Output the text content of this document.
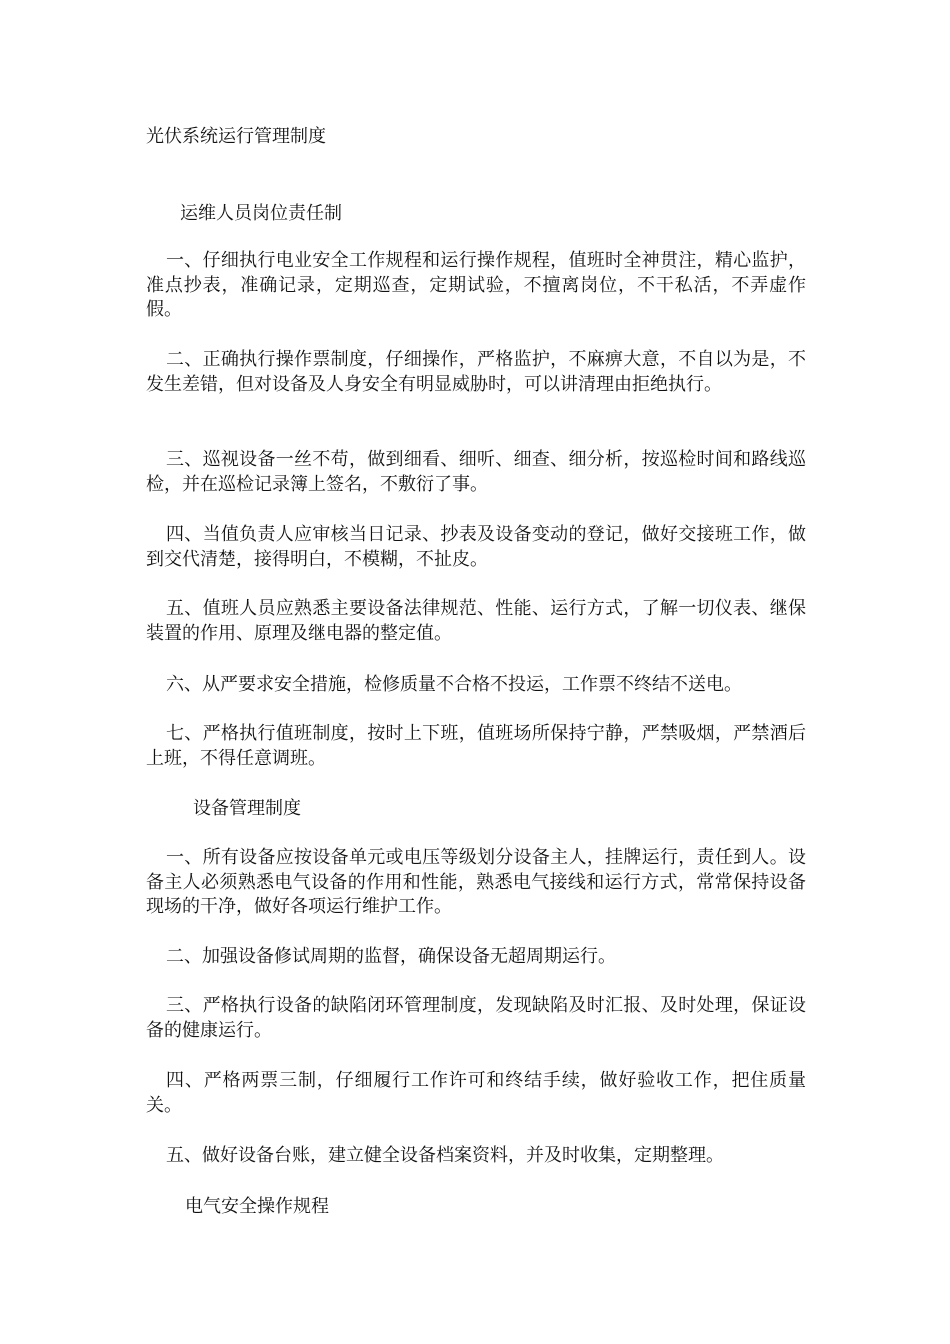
光伏系统运行管理制度
运维人员岗位责任制

一、仔细执行电业安全工作规程和运行操作规程，值班时全神贯注，精心监护，准点抄表，准确记录，定期巡查，定期试验，不擅离岗位，不干私活，不弄虚作假。

二、正确执行操作票制度，仔细操作，严格监护，不麻痹大意，不自以为是，不发生差错，但对设备及人身安全有明显威胁时，可以讲清理由拒绝执行。

三、巡视设备一丝不苟，做到细看、细听、细查、细分析，按巡检时间和路线巡检，并在巡检记录簿上签名，不敷衍了事。

四、当值负责人应审核当日记录、抄表及设备变动的登记，做好交接班工作，做到交代清楚，接得明白，不模糊，不扯皮。

五、值班人员应熟悉主要设备法律规范、性能、运行方式，了解一切仪表、继保装置的作用、原理及继电器的整定值。

六、从严要求安全措施，检修质量不合格不投运，工作票不终结不送电。

七、严格执行值班制度，按时上下班，值班场所保持宁静，严禁吸烟，严禁酒后上班，不得任意调班。

设备管理制度

一、所有设备应按设备单元或电压等级划分设备主人，挂牌运行，责任到人。设备主人必须熟悉电气设备的作用和性能，熟悉电气接线和运行方式，常常保持设备现场的干净，做好各项运行维护工作。

二、加强设备修试周期的监督，确保设备无超周期运行。

三、严格执行设备的缺陷闭环管理制度，发现缺陷及时汇报、及时处理，保证设备的健康运行。

四、严格两票三制，仔细履行工作许可和终结手续，做好验收工作，把住质量关。

五、做好设备台账，建立健全设备档案资料，并及时收集，定期整理。

电气安全操作规程
